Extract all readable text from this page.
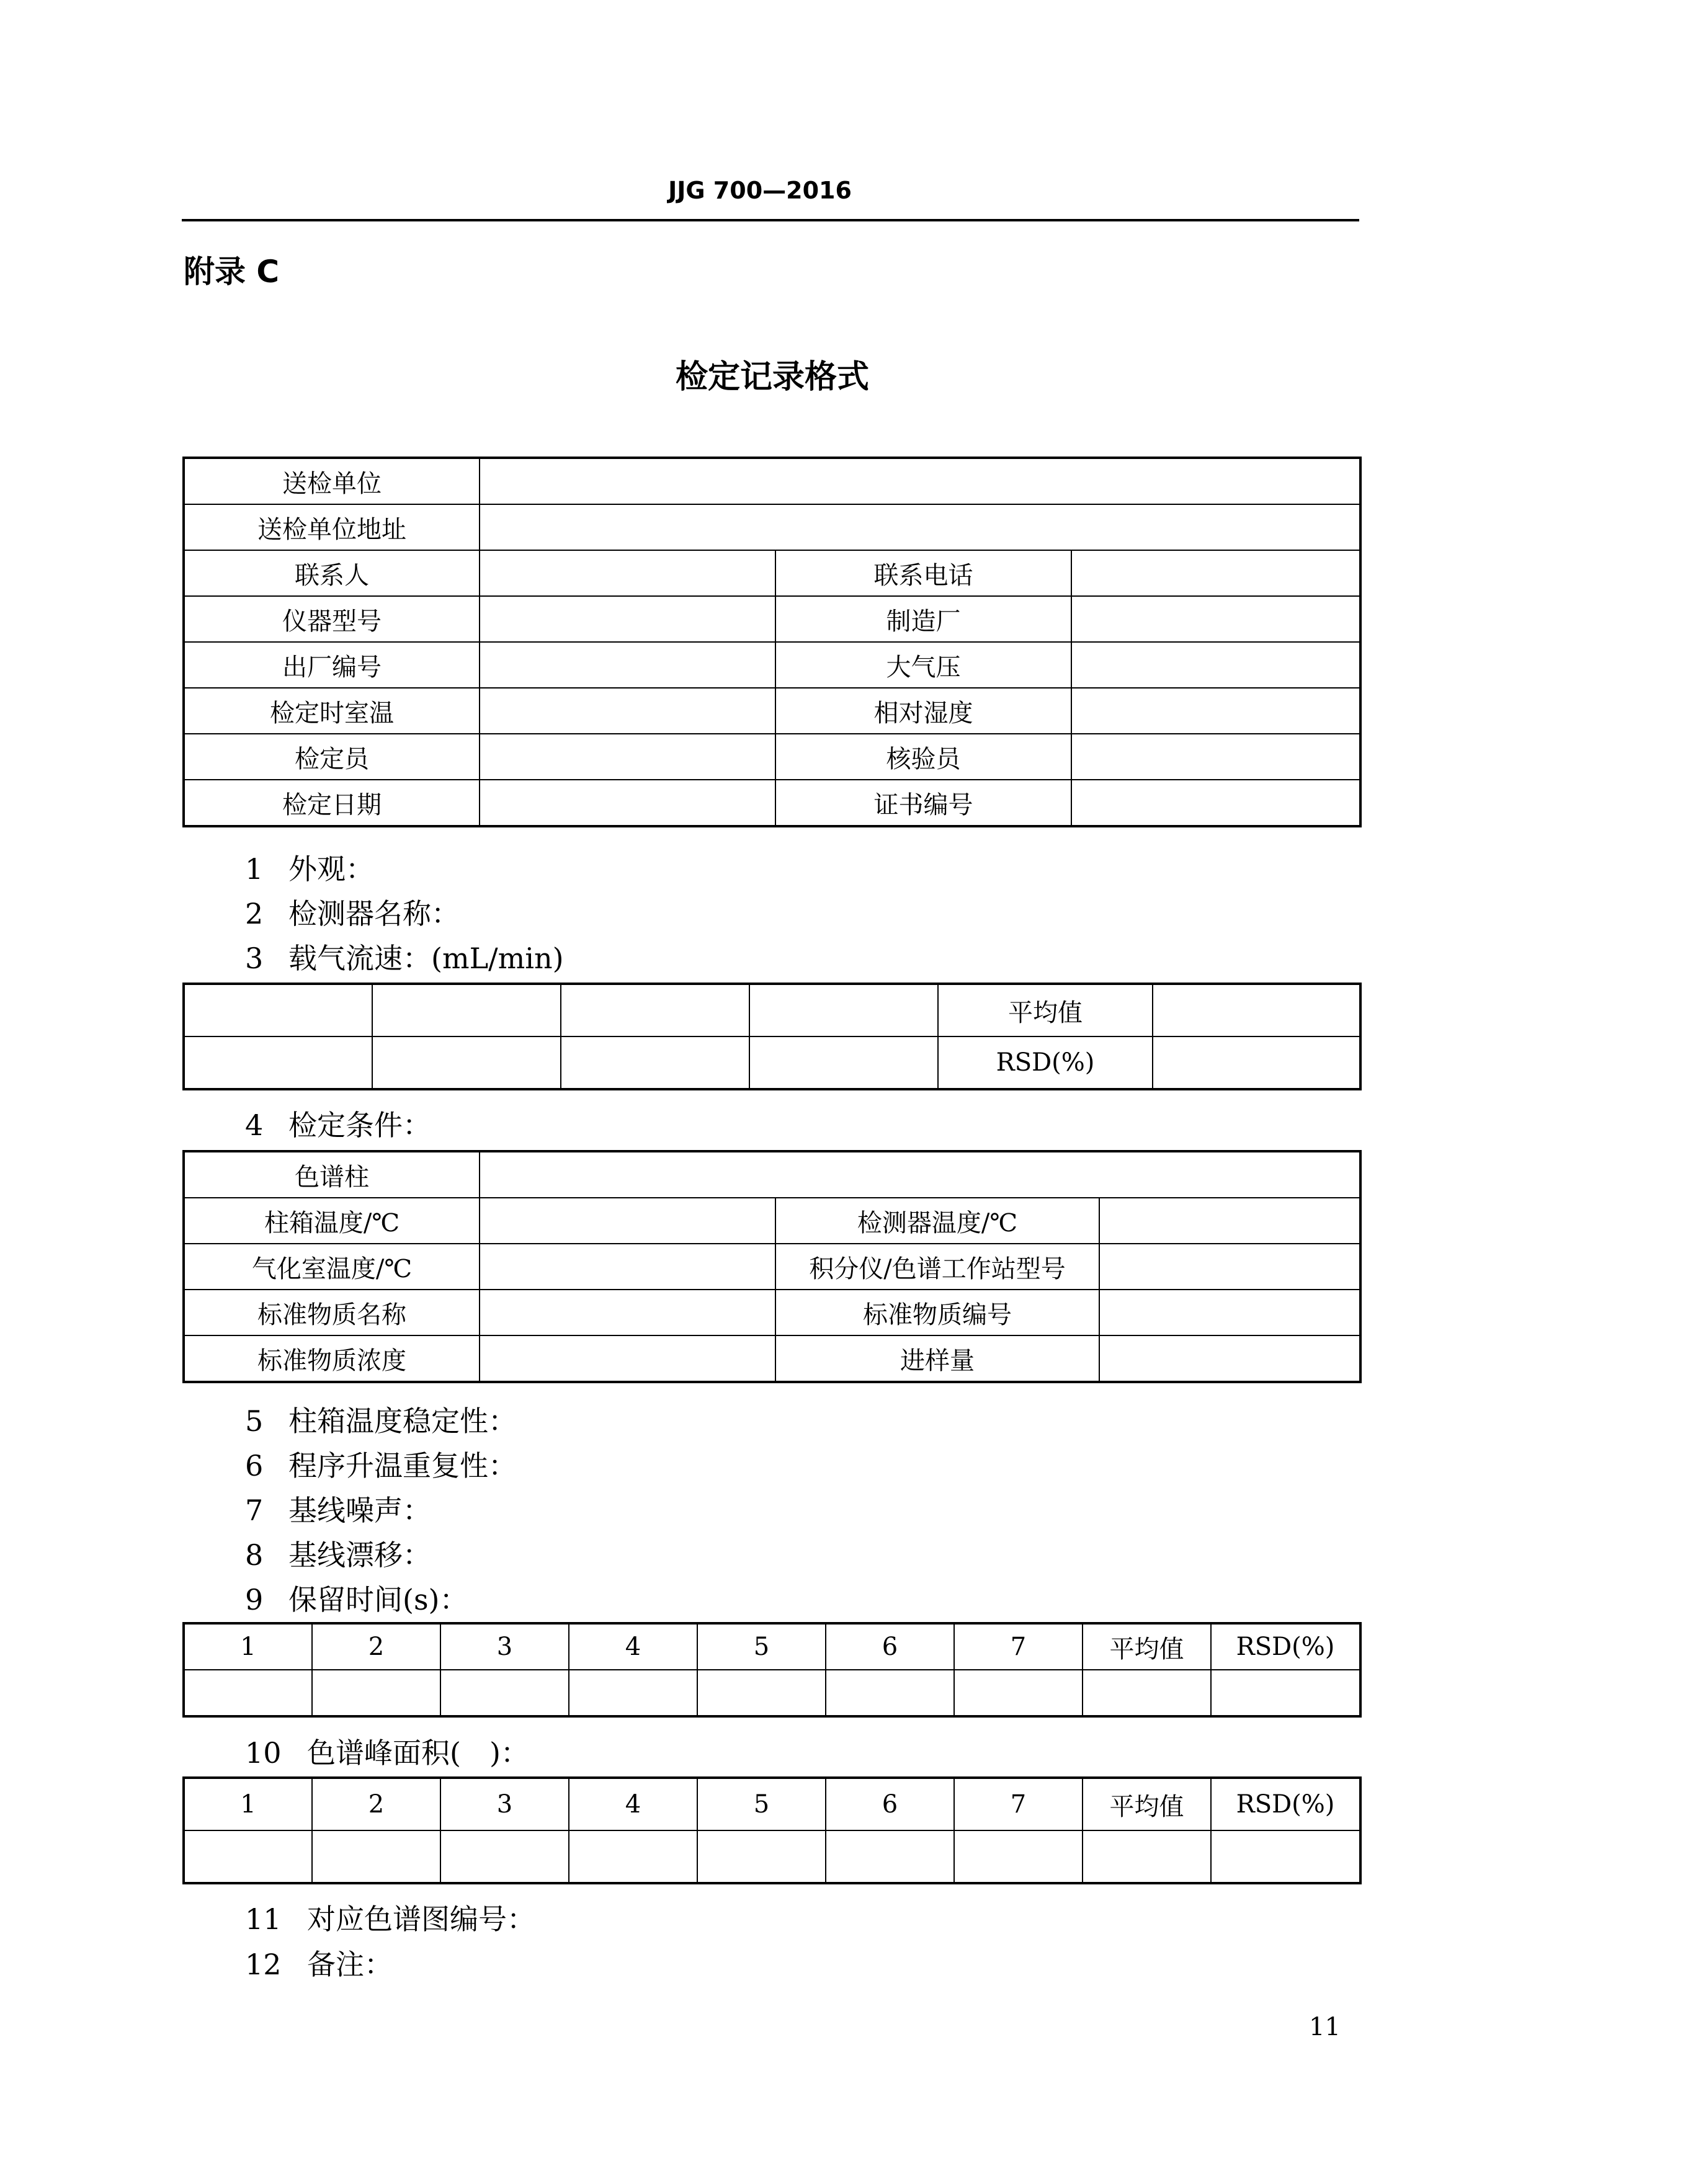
JJG 700—2016
附录 C
检定记录格式
送检单位			
送检单位地址			
联系人		联系电话	
仪器型号		制造厂	
出厂编号		大气压	
检定时室温		相对湿度	
检定员		核验员	
检定日期		证书编号	
1 外观：
2 检测器名称：
3 载气流速：(mL/min)
				平均值	
				RSD(%)	
4 检定条件：
色谱柱			
柱箱温度/℃		检测器温度/℃	
气化室温度/℃		积分仪/色谱工作站型号	
标准物质名称		标准物质编号	
标准物质浓度		进样量	
5 柱箱温度稳定性：
6 程序升温重复性：
7 基线噪声：
8 基线漂移：
9 保留时间(s)：
1	2	3	4	5	6	7	平均值	RSD(%)

10 色谱峰面积(　)：
1	2	3	4	5	6	7	平均值	RSD(%)

11 对应色谱图编号：
12 备注：
11
